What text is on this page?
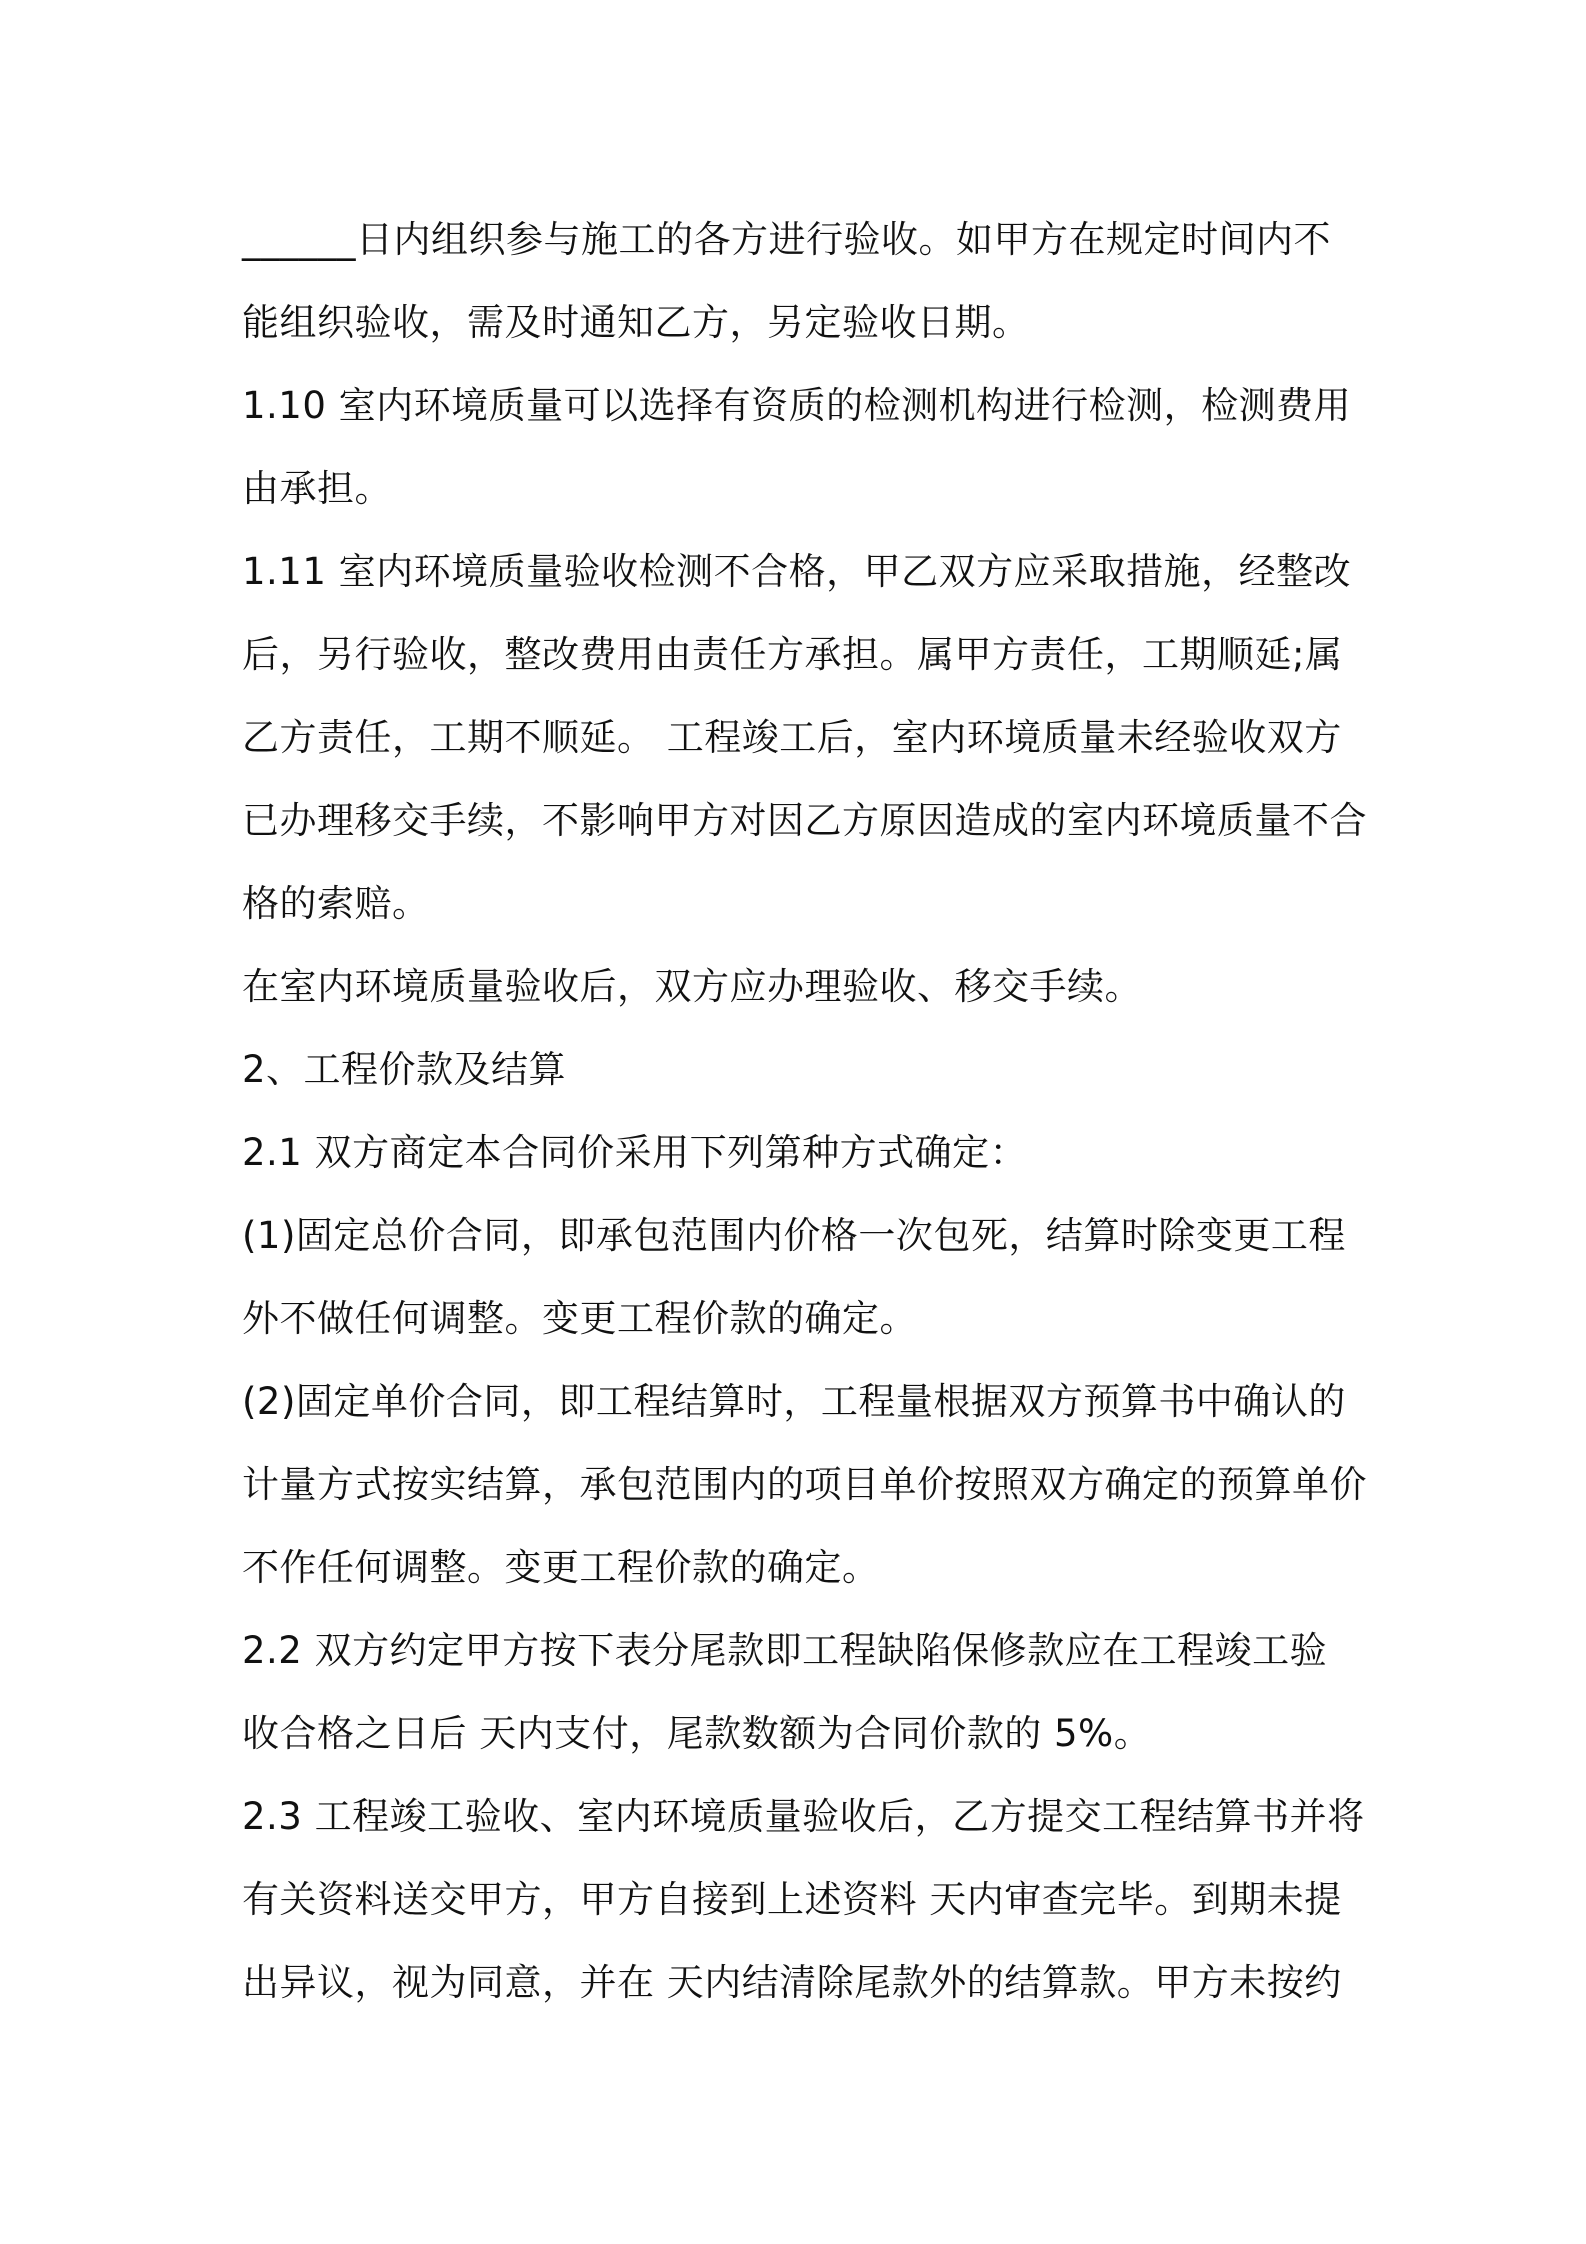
______日内组织参与施工的各方进行验收。如甲方在规定时间内不
能组织验收，需及时通知乙方，另定验收日期。
1.10 室内环境质量可以选择有资质的检测机构进行检测，检测费用
由承担。
1.11 室内环境质量验收检测不合格，甲乙双方应采取措施，经整改
后，另行验收，整改费用由责任方承担。属甲方责任，工期顺延;属
乙方责任，工期不顺延。 工程竣工后，室内环境质量未经验收双方
已办理移交手续，不影响甲方对因乙方原因造成的室内环境质量不合
格的索赔。
在室内环境质量验收后，双方应办理验收、移交手续。
2、工程价款及结算
2.1 双方商定本合同价采用下列第种方式确定：
(1)固定总价合同，即承包范围内价格一次包死，结算时除变更工程
外不做任何调整。变更工程价款的确定。
(2)固定单价合同，即工程结算时，工程量根据双方预算书中确认的
计量方式按实结算，承包范围内的项目单价按照双方确定的预算单价
不作任何调整。变更工程价款的确定。
2.2 双方约定甲方按下表分尾款即工程缺陷保修款应在工程竣工验
收合格之日后 天内支付，尾款数额为合同价款的 5%。
2.3 工程竣工验收、室内环境质量验收后，乙方提交工程结算书并将
有关资料送交甲方，甲方自接到上述资料 天内审查完毕。到期未提
出异议，视为同意，并在 天内结清除尾款外的结算款。甲方未按约
